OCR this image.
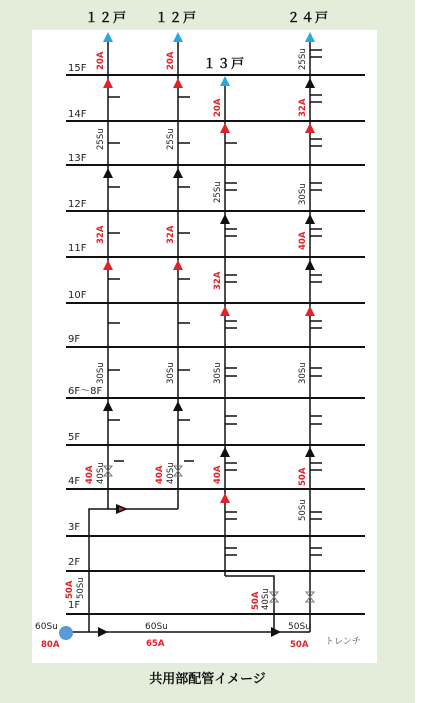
15F
14F
13F
12F
11F
10F
9F
6F〜8F
5F
4F
3F
2F
1F
１２戸 １２戸
１３戸
２４戸
20A
25Su
32A
30Su
40A 40Su
20A
25Su
32A
30Su
40A 40Su
20A
25Su
32A
30Su
40A
25Su
32A
30Su
40A
30Su
50A
50Su
50A 50Su
50A 40Su
60Su
65A
60Su
80A
50Su
50A トレンチ
共用部配管イメージ
